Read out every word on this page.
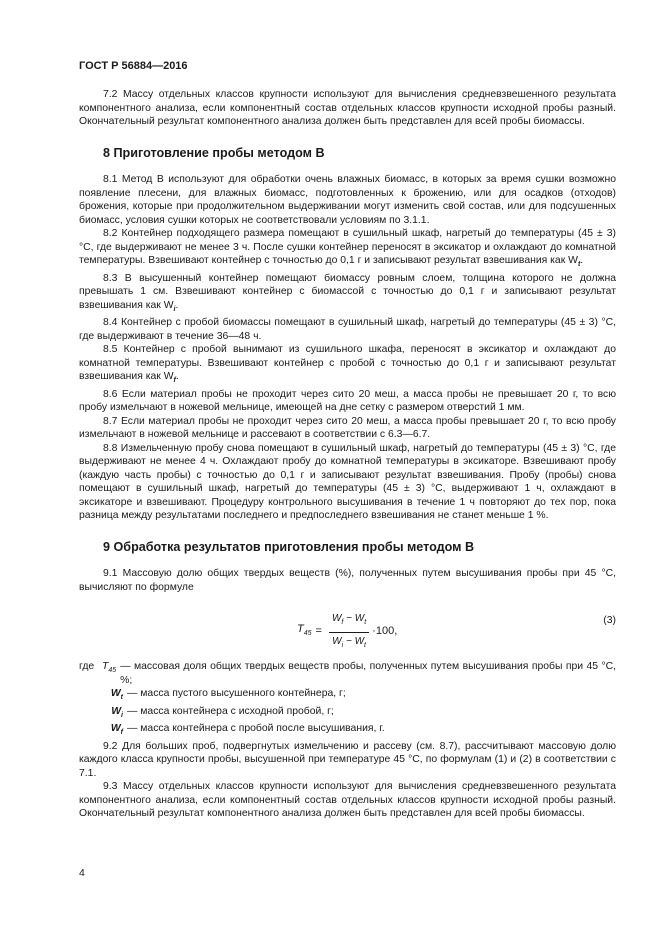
ГОСТ Р 56884—2016

7.2 Массу отдельных классов крупности используют для вычисления средневзвешенного результата компонентного анализа, если компонентный состав отдельных классов крупности исходной пробы разный. Окончательный результат компонентного анализа должен быть представлен для всей пробы биомассы.

8 Приготовление пробы методом В

8.1 Метод В используют для обработки очень влажных биомасс, в которых за время сушки возможно появление плесени, для влажных биомасс, подготовленных к брожению, или для осадков (отходов) брожения, которые при продолжительном выдерживании могут изменить свой состав, или для подсушенных биомасс, условия сушки которых не соответствовали условиям по 3.1.1.

8.2 Контейнер подходящего размера помещают в сушильный шкаф, нагретый до температуры (45 ± 3) °С, где выдерживают не менее 3 ч. После сушки контейнер переносят в эксикатор и охлаждают до комнатной температуры. Взвешивают контейнер с точностью до 0,1 г и записывают результат взвешивания как $W_t$.

8.3 В высушенный контейнер помещают биомассу ровным слоем, толщина которого не должна превышать 1 см. Взвешивают контейнер с биомассой с точностью до 0,1 г и записывают результат взвешивания как $W_i$.

8.4 Контейнер с пробой биомассы помещают в сушильный шкаф, нагретый до температуры (45 ± 3) °С, где выдерживают в течение 36—48 ч.

8.5 Контейнер с пробой вынимают из сушильного шкафа, переносят в эксикатор и охлаждают до комнатной температуры. Взвешивают контейнер с пробой с точностью до 0,1 г и записывают результат взвешивания как $W_f$.

8.6 Если материал пробы не проходит через сито 20 меш, а масса пробы не превышает 20 г, то всю пробу измельчают в ножевой мельнице, имеющей на дне сетку с размером отверстий 1 мм.

8.7 Если материал пробы не проходит через сито 20 меш, а масса пробы превышает 20 г, то всю пробу измельчают в ножевой мельнице и рассевают в соответствии с 6.3—6.7.

8.8 Измельченную пробу снова помещают в сушильный шкаф, нагретый до температуры (45 ± 3) °С, где выдерживают не менее 4 ч. Охлаждают пробу до комнатной температуры в эксикаторе. Взвешивают пробу (каждую часть пробы) с точностью до 0,1 г и записывают результат взвешивания. Пробу (пробы) снова помещают в сушильный шкаф, нагретый до температуры (45 ± 3) °С, выдерживают 1 ч, охлаждают в эксикаторе и взвешивают. Процедуру контрольного высушивания в течение 1 ч повторяют до тех пор, пока разница между результатами последнего и предпоследнего взвешивания не станет меньше 1 %.

9 Обработка результатов приготовления пробы методом В

9.1 Массовую долю общих твердых веществ (%), полученных путем высушивания пробы при 45 °С, вычисляют по формуле

$T_{45} = \frac{W_f - W_t}{W_i - W_t} \cdot 100$,
(3)
где $T_{45}$ — массовая доля общих твердых веществ пробы, полученных путем высушивания пробы при 45 °С, %;
$W_t$ — масса пустого высушенного контейнера, г;
$W_i$ — масса контейнера с исходной пробой, г;
$W_f$ — масса контейнера с пробой после высушивания, г.

9.2 Для больших проб, подвергнутых измельчению и рассеву (см. 8.7), рассчитывают массовую долю каждого класса крупности пробы, высушенной при температуре 45 °С, по формулам (1) и (2) в соответствии с 7.1.

9.3 Массу отдельных классов крупности используют для вычисления средневзвешенного результата компонентного анализа, если компонентный состав отдельных классов крупности исходной пробы разный. Окончательный результат компонентного анализа должен быть представлен для всей пробы биомассы.

4
